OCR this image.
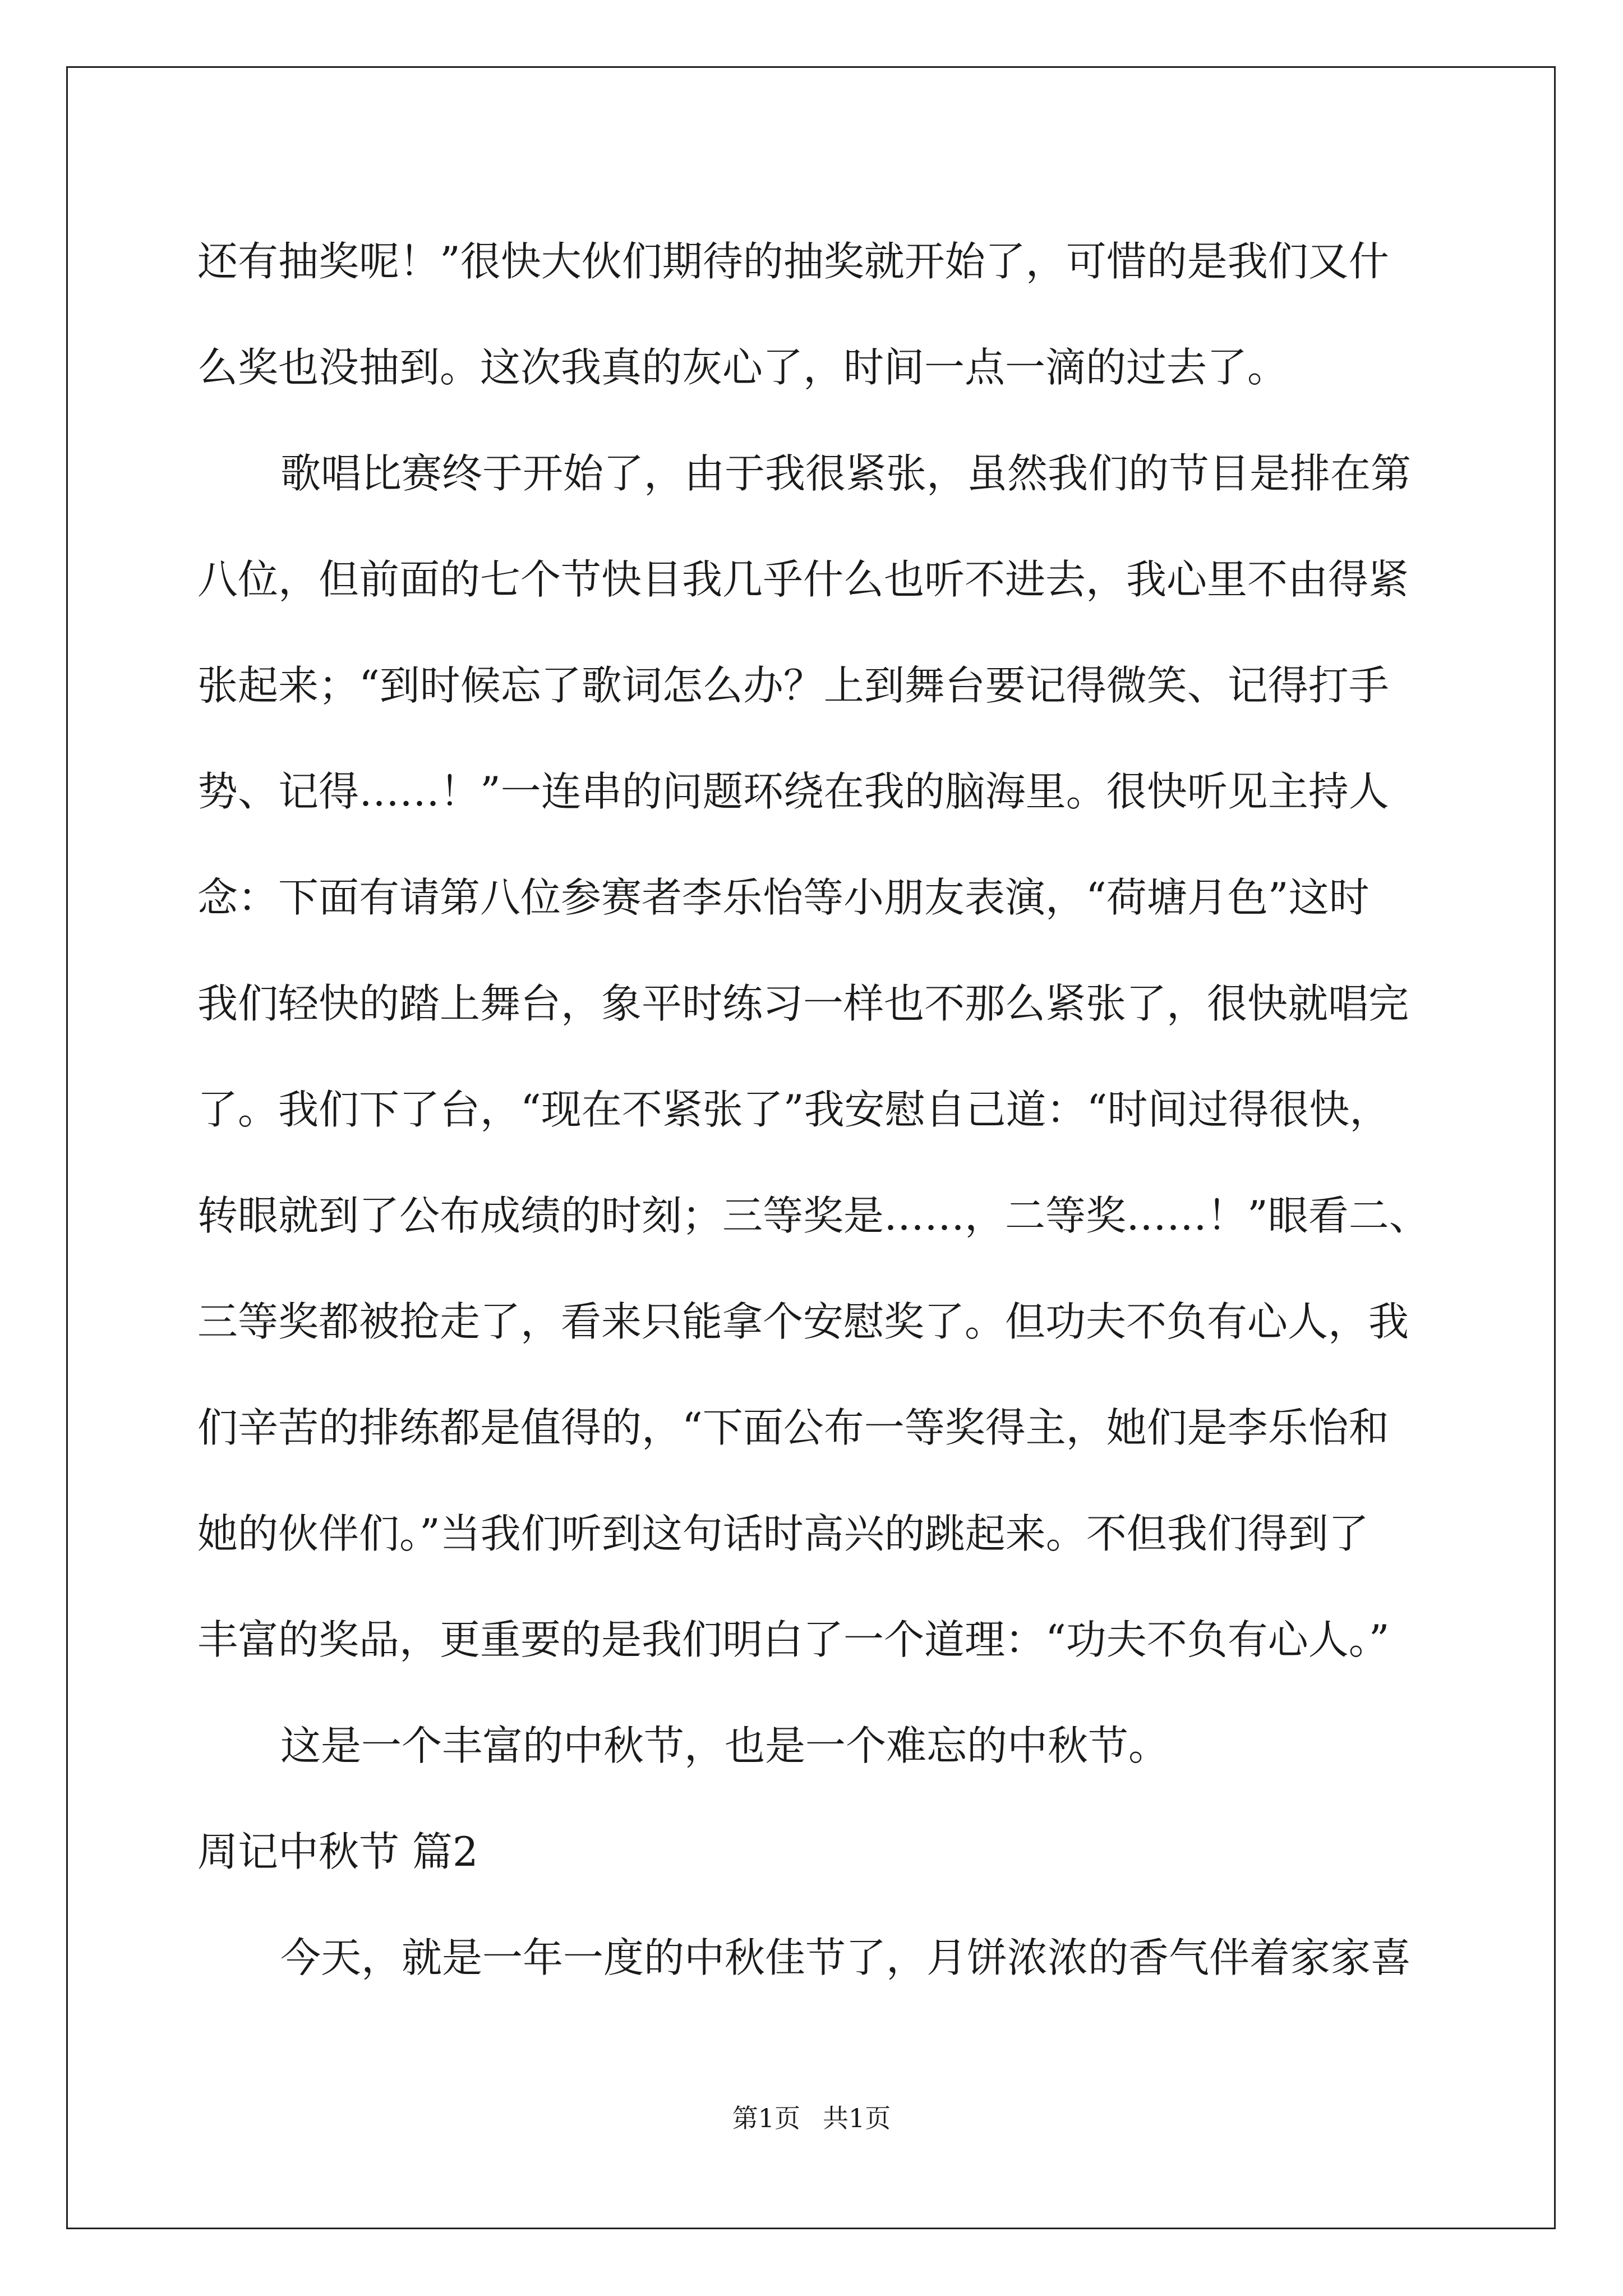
还有抽奖呢！”很快大伙们期待的抽奖就开始了，可惜的是我们又什
么奖也没抽到。这次我真的灰心了，时间一点一滴的过去了。
歌唱比赛终于开始了，由于我很紧张，虽然我们的节目是排在第
八位，但前面的七个节快目我几乎什么也听不进去，我心里不由得紧
张起来；“到时候忘了歌词怎么办？上到舞台要记得微笑、记得打手
势、记得……！”一连串的问题环绕在我的脑海里。很快听见主持人
念：下面有请第八位参赛者李乐怡等小朋友表演，“荷塘月色”这时
我们轻快的踏上舞台，象平时练习一样也不那么紧张了，很快就唱完
了。我们下了台，“现在不紧张了”我安慰自己道：“时间过得很快，
转眼就到了公布成绩的时刻；三等奖是……，二等奖……！”眼看二、
三等奖都被抢走了，看来只能拿个安慰奖了。但功夫不负有心人，我
们辛苦的排练都是值得的，“下面公布一等奖得主，她们是李乐怡和
她的伙伴们。”当我们听到这句话时高兴的跳起来。不但我们得到了
丰富的奖品，更重要的是我们明白了一个道理：“功夫不负有心人。”
这是一个丰富的中秋节，也是一个难忘的中秋节。
周记中秋节 篇2
今天，就是一年一度的中秋佳节了，月饼浓浓的香气伴着家家喜
第1页 共1页
